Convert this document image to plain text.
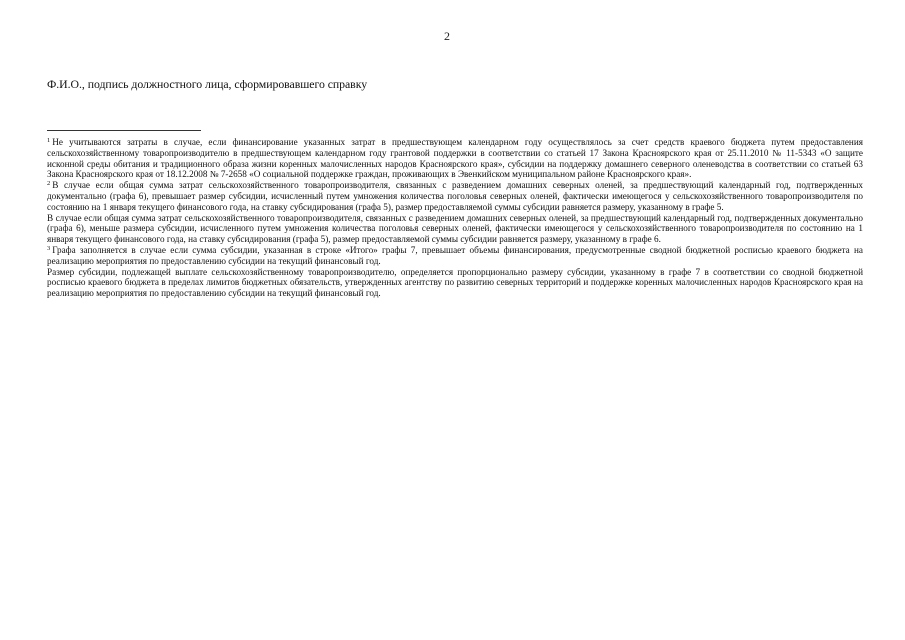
2
Ф.И.О., подпись должностного лица, сформировавшего справку

$^1$ Не учитываются затраты в случае, если финансирование указанных затрат в предшествующем календарном году осуществлялось за счет средств краевого бюджета путем предоставления сельскохозяйственному товаропроизводителю в предшествующем календарном году грантовой поддержки в соответствии со статьей 17 Закона Красноярского края от 25.11.2010 № 11-5343 «О защите исконной среды обитания и традиционного образа жизни коренных малочисленных народов Красноярского края», субсидии на поддержку домашнего северного оленеводства в соответствии со статьей 63 Закона Красноярского края от 18.12.2008 № 7-2658 «О социальной поддержке граждан, проживающих в Эвенкийском муниципальном районе Красноярского края».

$^2$ В случае если общая сумма затрат сельскохозяйственного товаропроизводителя, связанных с разведением домашних северных оленей, за предшествующий календарный год, подтвержденных документально (графа 6), превышает размер субсидии, исчисленный путем умножения количества поголовья северных оленей, фактически имеющегося у сельскохозяйственного товаропроизводителя по состоянию на 1 января текущего финансового года, на ставку субсидирования (графа 5), размер предоставляемой суммы субсидии равняется размеру, указанному в графе 5.

В случае если общая сумма затрат сельскохозяйственного товаропроизводителя, связанных с разведением домашних северных оленей, за предшествующий календарный год, подтвержденных документально (графа 6), меньше размера субсидии, исчисленного путем умножения количества поголовья северных оленей, фактически имеющегося у сельскохозяйственного товаропроизводителя по состоянию на 1 января текущего финансового года, на ставку субсидирования (графа 5), размер предоставляемой суммы субсидии равняется размеру, указанному в графе 6.

$^3$ Графа заполняется в случае если сумма субсидии, указанная в строке «Итого» графы 7, превышает объемы финансирования, предусмотренные сводной бюджетной росписью краевого бюджета на реализацию мероприятия по предоставлению субсидии на текущий финансовый год.

Размер субсидии, подлежащей выплате сельскохозяйственному товаропроизводителю, определяется пропорционально размеру субсидии, указанному в графе 7 в соответствии со сводной бюджетной росписью краевого бюджета в пределах лимитов бюджетных обязательств, утвержденных агентству по развитию северных территорий и поддержке коренных малочисленных народов Красноярского края на реализацию мероприятия по предоставлению субсидии на текущий финансовый год.
